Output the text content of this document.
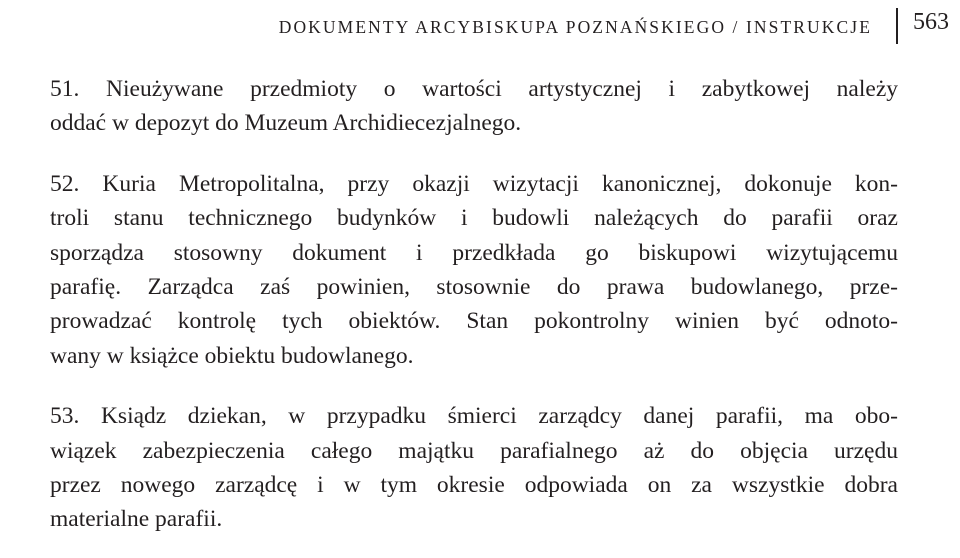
DOKUMENTY ARCYBISKUPA POZNAŃSKIEGO / INSTRUKCJE 563

51. Nieużywane przedmioty o wartości artystycznej i zabytkowej należy
oddać w depozyt do Muzeum Archidiecezjalnego.

52. Kuria Metropolitalna, przy okazji wizytacji kanonicznej, dokonuje kon-
troli stanu technicznego budynków i budowli należących do parafii oraz
sporządza stosowny dokument i przedkłada go biskupowi wizytującemu
parafię. Zarządca zaś powinien, stosownie do prawa budowlanego, prze-
prowadzać kontrolę tych obiektów. Stan pokontrolny winien być odnoto-
wany w książce obiektu budowlanego.

53. Ksiądz dziekan, w przypadku śmierci zarządcy danej parafii, ma obo-
wiązek zabezpieczenia całego majątku parafialnego aż do objęcia urzędu
przez nowego zarządcę i w tym okresie odpowiada on za wszystkie dobra
materialne parafii.
